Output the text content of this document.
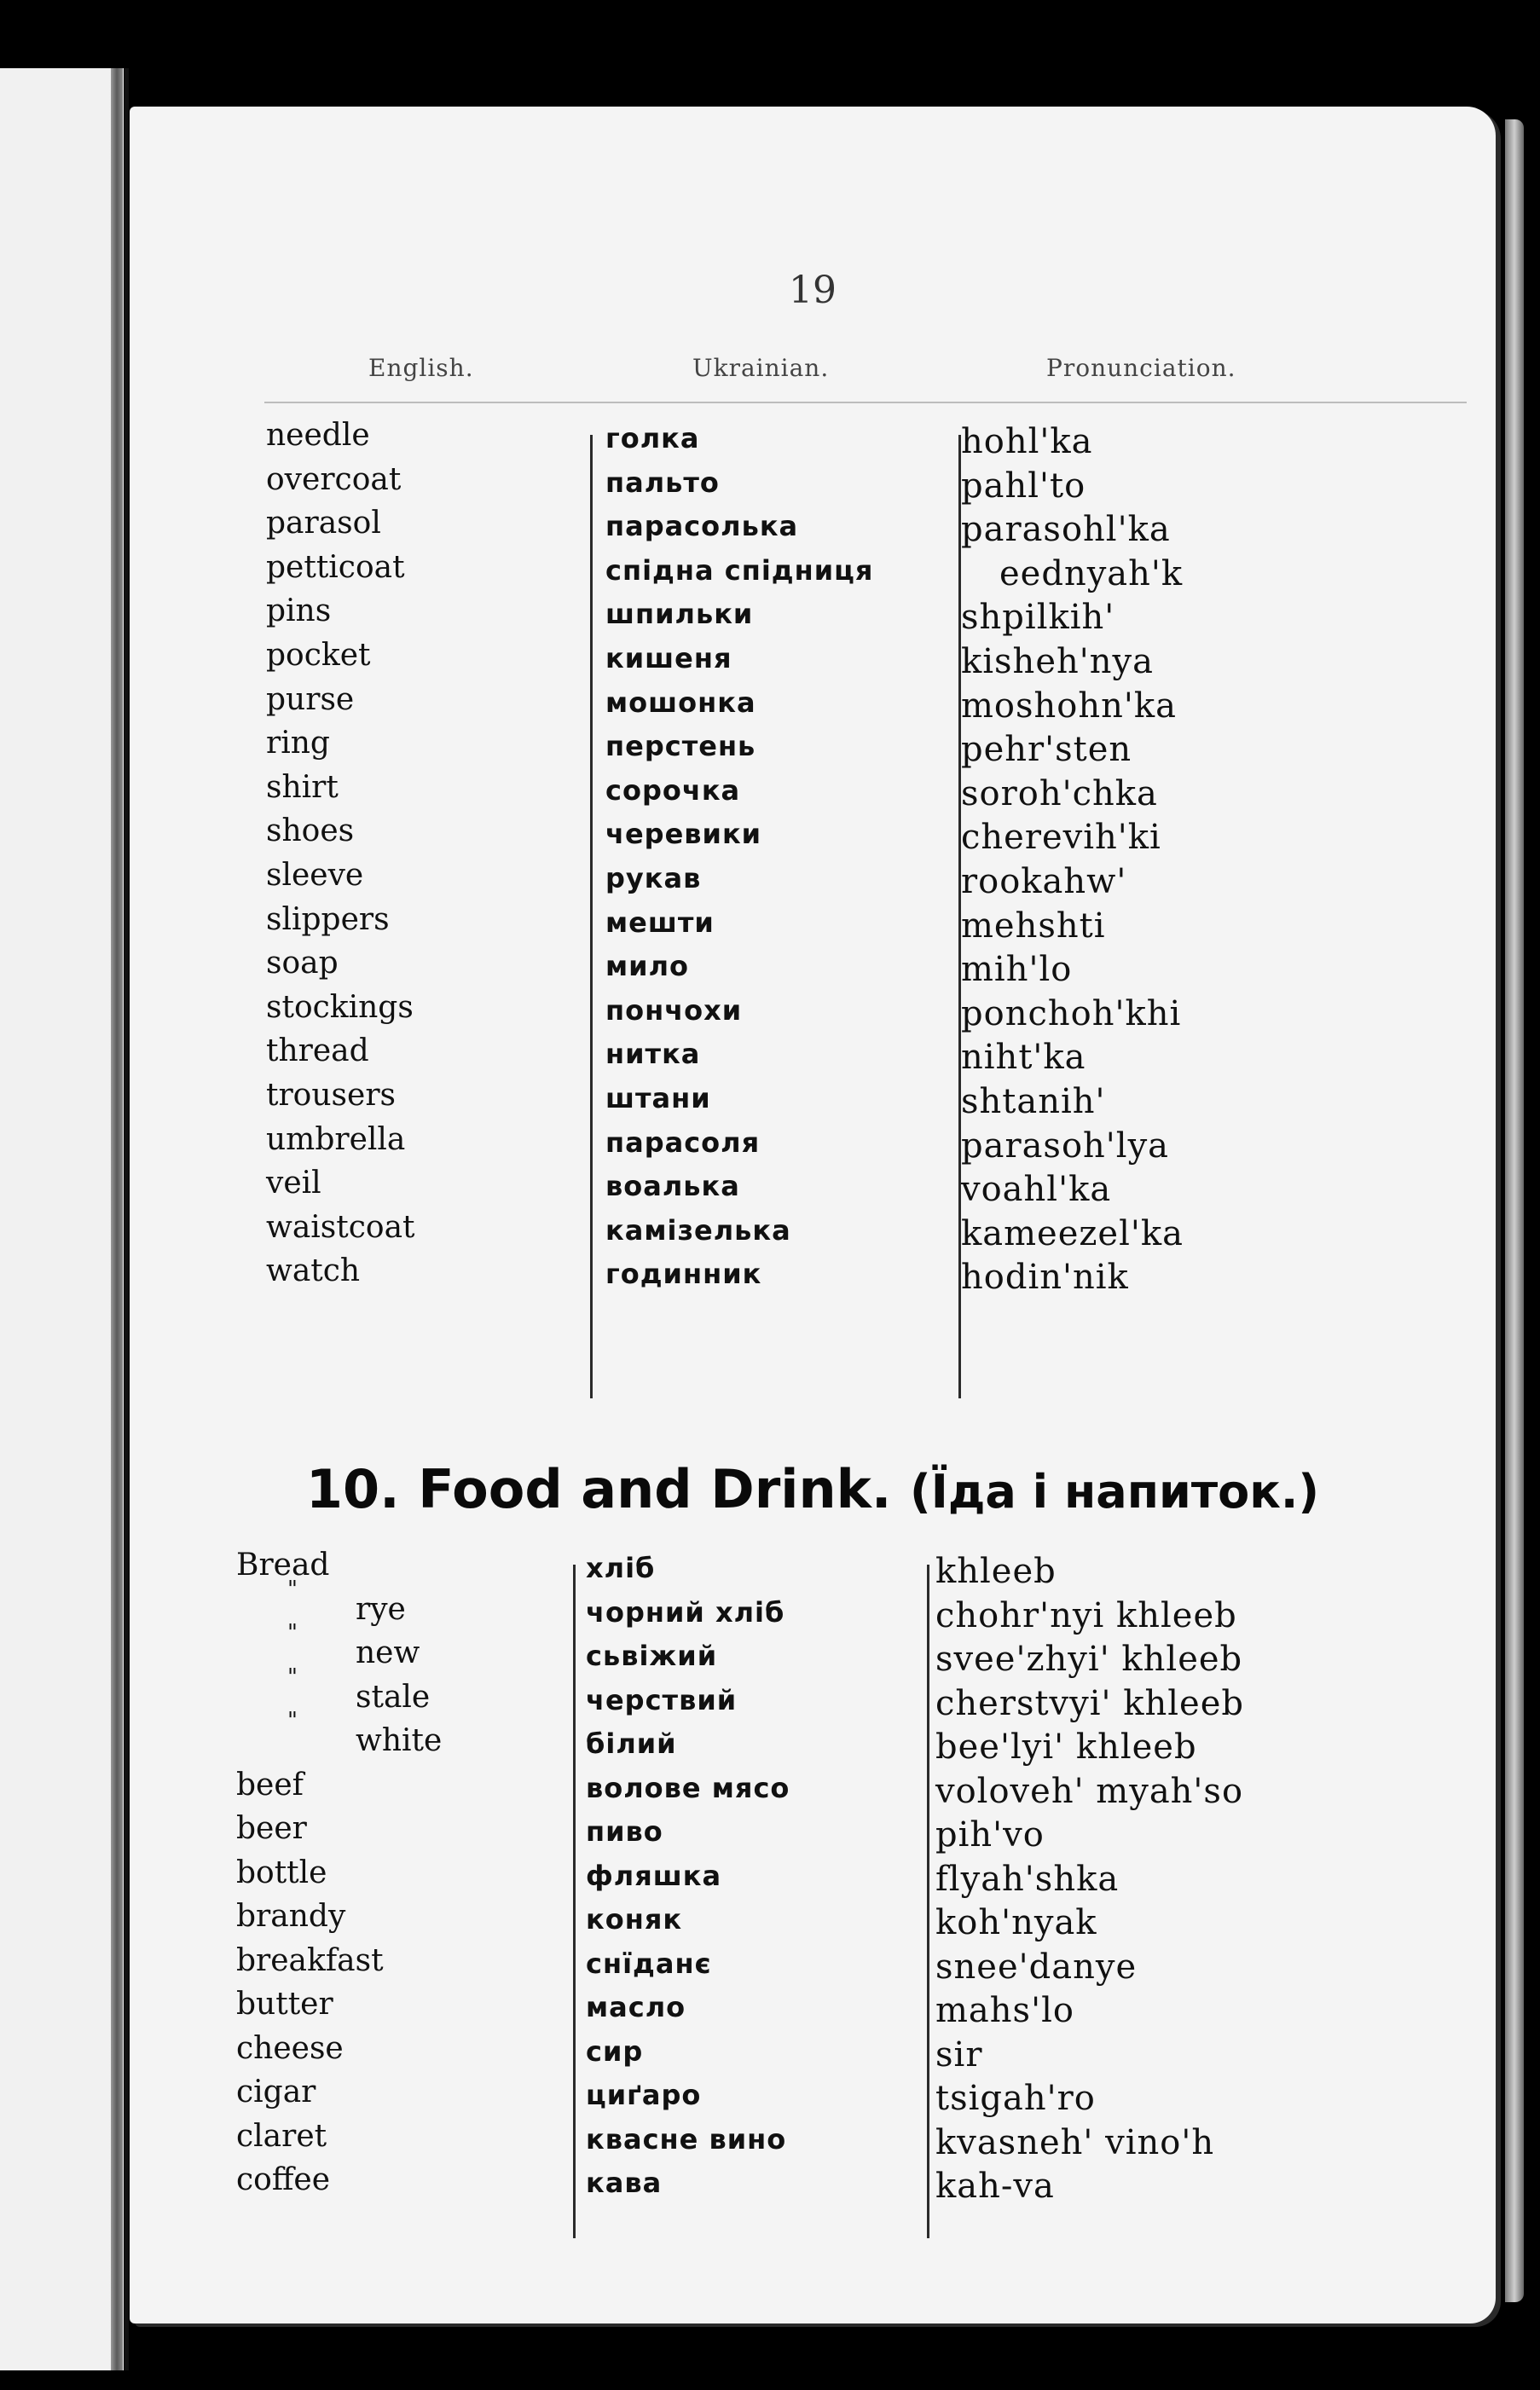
19
English.	Ukrainian.	Pronunciation.
needle
overcoat
parasol
petticoat
pins
pocket
purse
ring
shirt
shoes
sleeve
slippers
soap
stockings
thread
trousers
umbrella
veil
waistcoat
watch
голка
пальто
парасолька
спідна спідниця
шпильки
кишеня
мошонка
перстень
сорочка
черевики
рукав
мешти
мило
пончохи
нитка
штани
парасоля
воалька
камізелька
годинник
hohl'ka
pahl'to
parasohl'ka
eednyah'k
shpilkih'
kisheh'nya
moshohn'ka
pehr'sten
soroh'chka
cherevih'ki
rookahw'
mehshti
mih'lo
ponchoh'khi
niht'ka
shtanih'
parasoh'lya
voahl'ka
kameezel'ka
hodin'nik
10. Food and Drink. (Їда і напиток.)
Bread
rye
new
stale
white
beef
beer
bottle
brandy
breakfast
butter
cheese
cigar
claret
coffee
"
"
"
"
хліб
чорний хліб
сьвіжий
черствий
білий
волове мясо
пиво
фляшка
коняк
снїданє
масло
сир
циґаро
квасне вино
кава
khleeb
chohr'nyi khleeb
svee'zhyi' khleeb
cherstvyi' khleeb
bee'lyi' khleeb
voloveh' myah'so
pih'vo
flyah'shka
koh'nyak
snee'danye
mahs'lo
sir
tsigah'ro
kvasneh' vino'h
kah-va
